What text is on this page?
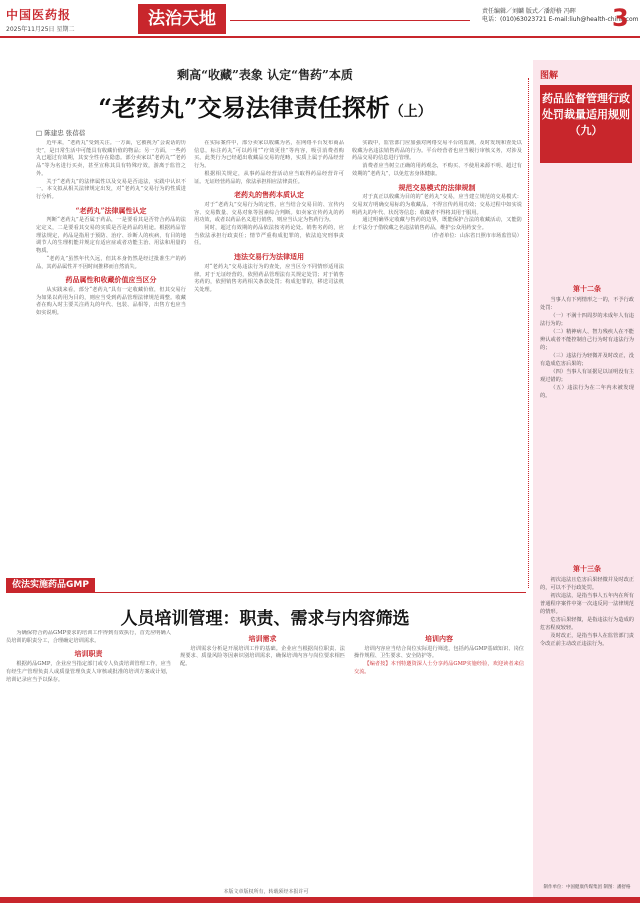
中国医药报
2025年11月25日 星期二
法治天地	责任编辑／刘麟 版式／潘舒格 冯晖
电话：(010)63023721 E-mail:liuh@health-china.com
3
剩高“收藏”表象 认定“售药”本质
“老药丸”交易法律责任探析（上）
□ 陈建忠 张蓓蓓

近年来，“老药丸”受到关注。一方面，它被视为“会说话的历史”，是日常生活中可能具有收藏价值的物品；另一方面，一些药丸已超过有效期，其安全性存在隐患。部分卖家以“老药丸”“老药品”等为名进行买卖，甚至宣称其具有特殊疗效，游离于监管之外。

关于“老药丸”的法律属性以及交易是否违法，实践中认识不一。本文拟从相关法律规定出发，对“老药丸”交易行为的性质进行分析。

“老药丸”法律属性认定

判断“老药丸”是否属于药品，一是要看其是否符合药品的法定定义，二是要看其交易的实质是否是药品的用途。根据药品管理法规定，药品是指用于预防、治疗、诊断人的疾病，有目的地调节人的生理机能并规定有适应症或者功能主治、用法和用量的物质。

“老药丸”虽然年代久远，但其本身仍然是经过批准生产的药品，其药品属性并不因时间推移而自然消失。

药品属性和收藏价值应当区分

从实践来看，部分“老药丸”具有一定收藏价值，但其交易行为如果以药用为目的，则应当受到药品管理法律规范调整。收藏者在购入时主要关注药丸的年代、包装、品相等，出售方也应当如实说明。

在实际案件中，部分卖家以收藏为名，在网络平台发布商品信息，标注药丸“可以药用”“疗效更佳”等内容，吸引消费者购买。此类行为已经超出收藏品交易的范畴，实质上属于药品经营行为。

根据相关规定，从事药品经营活动应当取得药品经营许可证。无证经营药品的，依法承担相应法律责任。

老药丸的售药本质认定

对于“老药丸”交易行为的定性，应当结合交易目的、宣传内容、交易数量、交易对象等因素综合判断。如卖家宣传药丸的药用功效，或者以药品名义进行销售，则应当认定为售药行为。

同时，超过有效期的药品依法按劣药论处。销售劣药的，应当依法承担行政责任；情节严重构成犯罪的，依法追究刑事责任。

违法交易行为法律适用

对“老药丸”交易违法行为的查处，应当区分不同情形适用法律。对于无证经营的，依照药品管理法有关规定处罚；对于销售劣药的，依照销售劣药相关条款处罚；构成犯罪的，移送司法机关处理。

实践中，监管部门应加强对网络交易平台的监测，及时发现和查处以收藏为名违法销售药品的行为。平台经营者也应当履行审核义务，对涉及药品交易的信息进行管理。

消费者应当树立正确的用药观念，不购买、不使用来源不明、超过有效期的“老药丸”，以免危害身体健康。

规范交易模式的法律规制

对于真正以收藏为目的的“老药丸”交易，应当建立规范的交易模式：交易双方明确交易标的为收藏品，不得宣传药用功效；交易过程中如实说明药丸的年代、状况等信息；收藏者不得将其用于服用。

通过明确界定收藏与售药的边界，既能保护合法的收藏活动，又能防止不法分子借收藏之名违法销售药品，维护公众用药安全。

（作者单位：山东省日照市市场监管局）

图解
药品监督管理行政处罚裁量适用规则（九）
第十二条

当事人有下列情形之一的，不予行政处罚：

（一）不满十四周岁的未成年人有违法行为的；

（二）精神病人、智力残疾人在不能辨认或者不能控制自己行为时有违法行为的；

（三）违法行为轻微并及时改正，没有造成危害后果的；

（四）当事人有证据足以证明没有主观过错的；

（五）违法行为在二年内未被发现的。

第十三条

初次违法且危害后果轻微并及时改正的，可以不予行政处罚。

初次违法，是指当事人五年内在所有普通程序案件中第一次违反同一法律规范的情形。

危害后果轻微，是指违法行为造成的危害程度较轻。

及时改正，是指当事人在监管部门责令改正前主动改正违法行为。

制作单位：中国健康传媒集团 制图：潘舒格
依法实施药品GMP
人员培训管理：职责、需求与内容筛选

为确保符合药品GMP要求的培训工作得到有效执行，首先应明确人员培训的职责分工，合理确定培训需求。

培训职责

根据药品GMP，企业应当指定部门或专人负责培训管理工作，应当有经生产管理负责人或质量管理负责人审核或批准的培训方案或计划，培训记录应当予以保存。

培训需求

培训需求分析是开展培训工作的基础。企业应当根据岗位职责、法规要求、质量风险等因素识别培训需求，确保培训内容与岗位要求相匹配。

培训内容

培训内容应当结合岗位实际进行筛选，包括药品GMP基础知识、岗位操作规程、卫生要求、安全防护等。

【编者按】本刊特邀资深人士分享药品GMP实施经验，欢迎读者来信交流。

本版文章版权所有，转载须经本报许可
